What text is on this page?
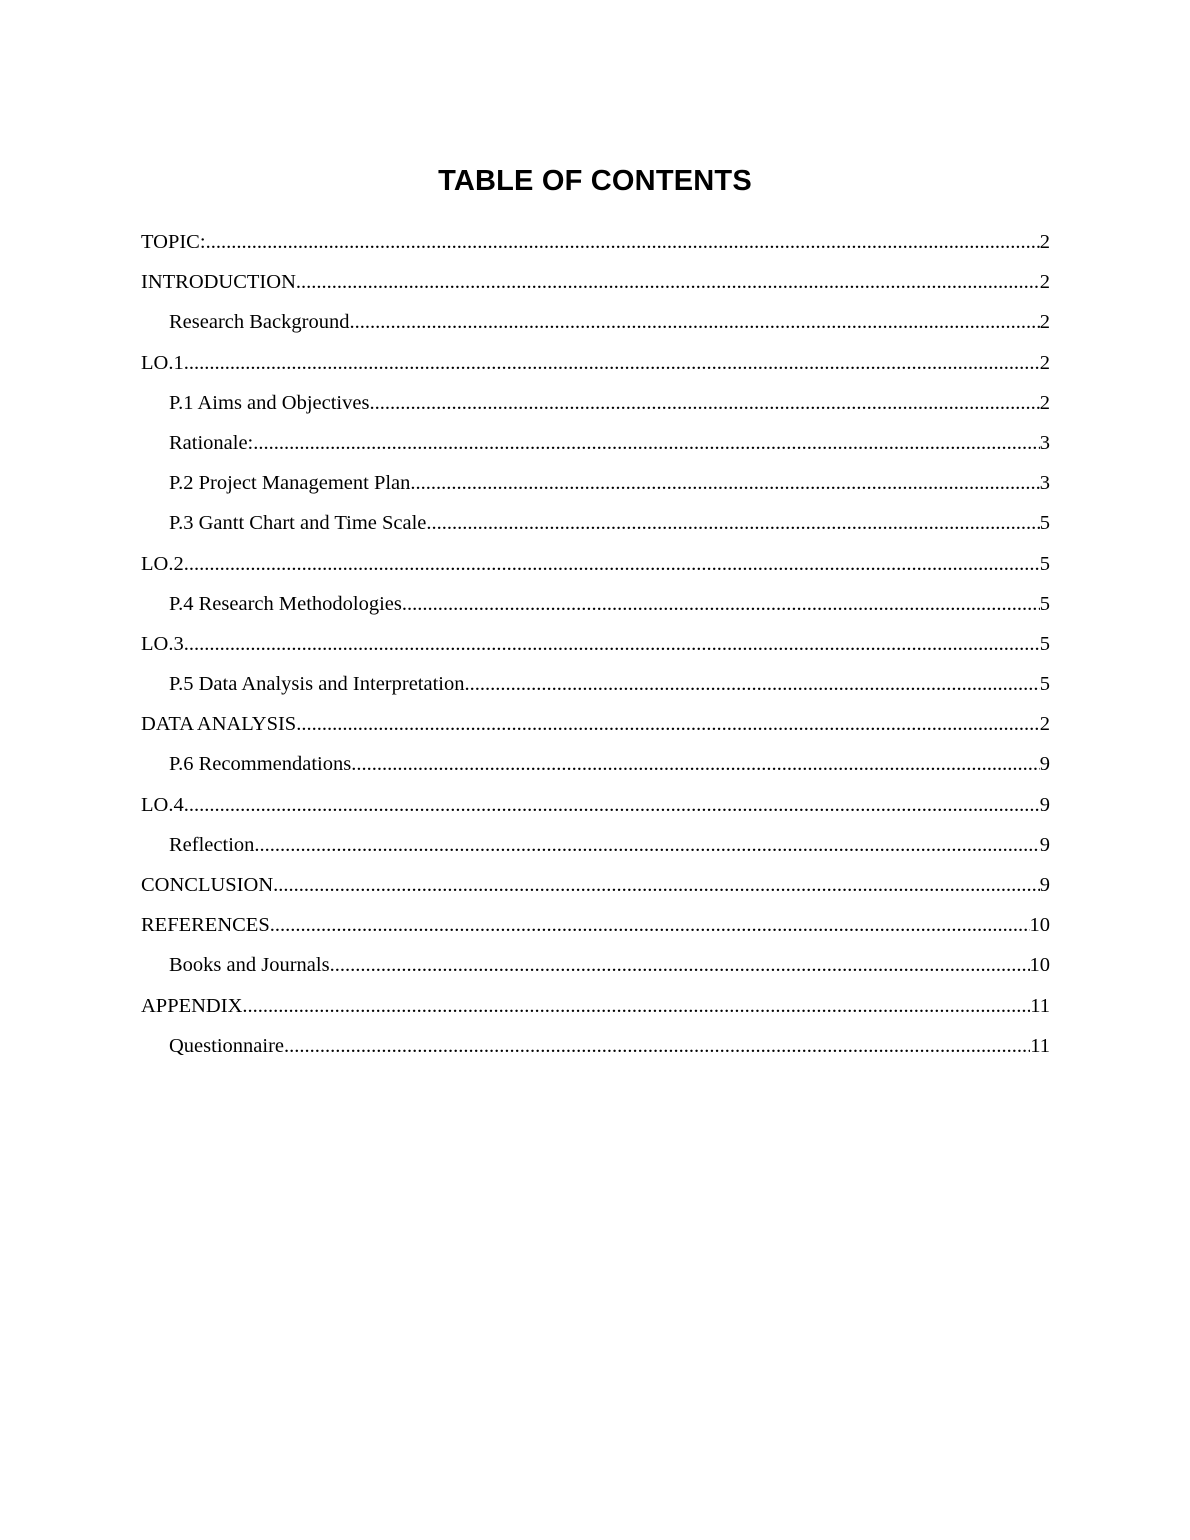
TABLE OF CONTENTS
TOPIC: .....	2
INTRODUCTION .....	2
Research Background .....	2
LO.1 .....	2
P.1 Aims and Objectives .....	2
Rationale: .....	3
P.2 Project Management Plan .....	3
P.3 Gantt Chart and Time Scale .....	5
LO.2 .....	5
P.4 Research Methodologies .....	5
LO.3 .....	5
P.5 Data Analysis and Interpretation .....	5
DATA ANALYSIS .....	2
P.6 Recommendations .....	9
LO.4 .....	9
Reflection .....	9
CONCLUSION .....	9
REFERENCES .....	10
Books and Journals .....	10
APPENDIX .....	11
Questionnaire .....	11
